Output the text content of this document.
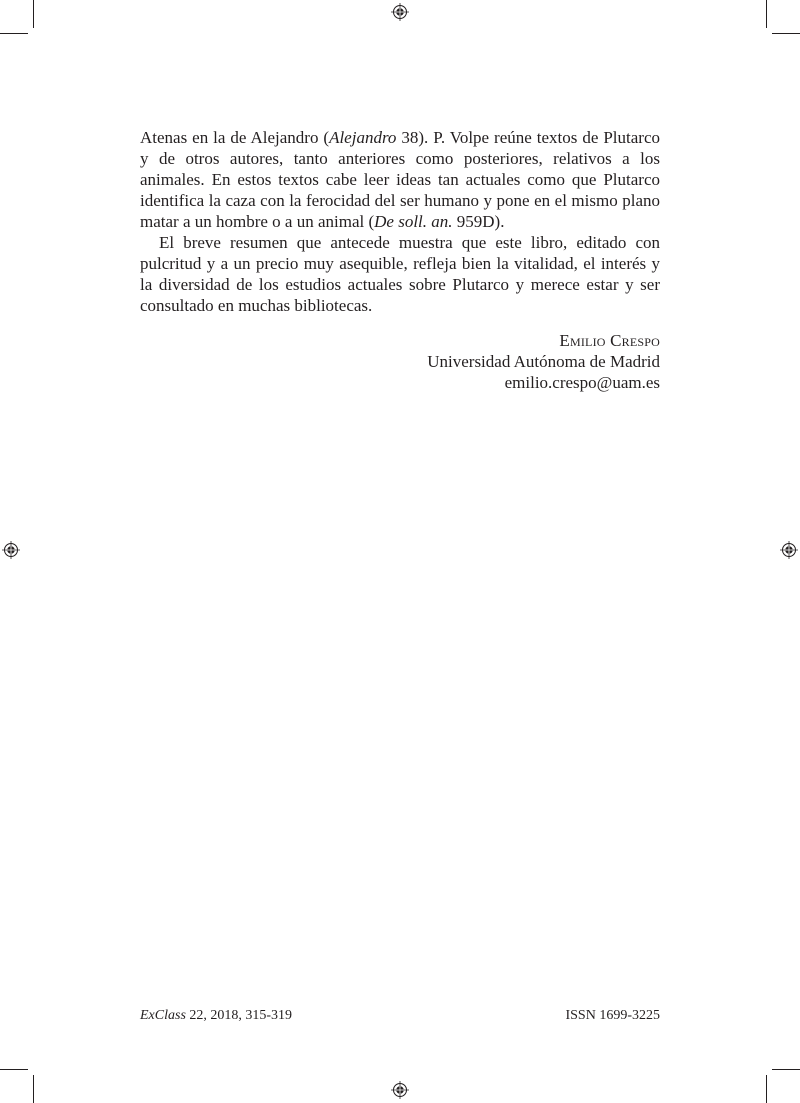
Atenas en la de Alejandro (Alejandro 38). P. Volpe reúne textos de Plutarco y de otros autores, tanto anteriores como posteriores, relativos a los animales. En estos textos cabe leer ideas tan actuales como que Plutarco identifica la caza con la ferocidad del ser humano y pone en el mismo plano matar a un hombre o a un animal (De soll. an. 959D).

El breve resumen que antecede muestra que este libro, editado con pulcritud y a un precio muy asequible, refleja bien la vitalidad, el interés y la diversidad de los estudios actuales sobre Plutarco y merece estar y ser consultado en muchas bibliotecas.

Emilio Crespo
Universidad Autónoma de Madrid
emilio.crespo@uam.es
ExClass 22, 2018, 315-319	ISSN 1699-3225
